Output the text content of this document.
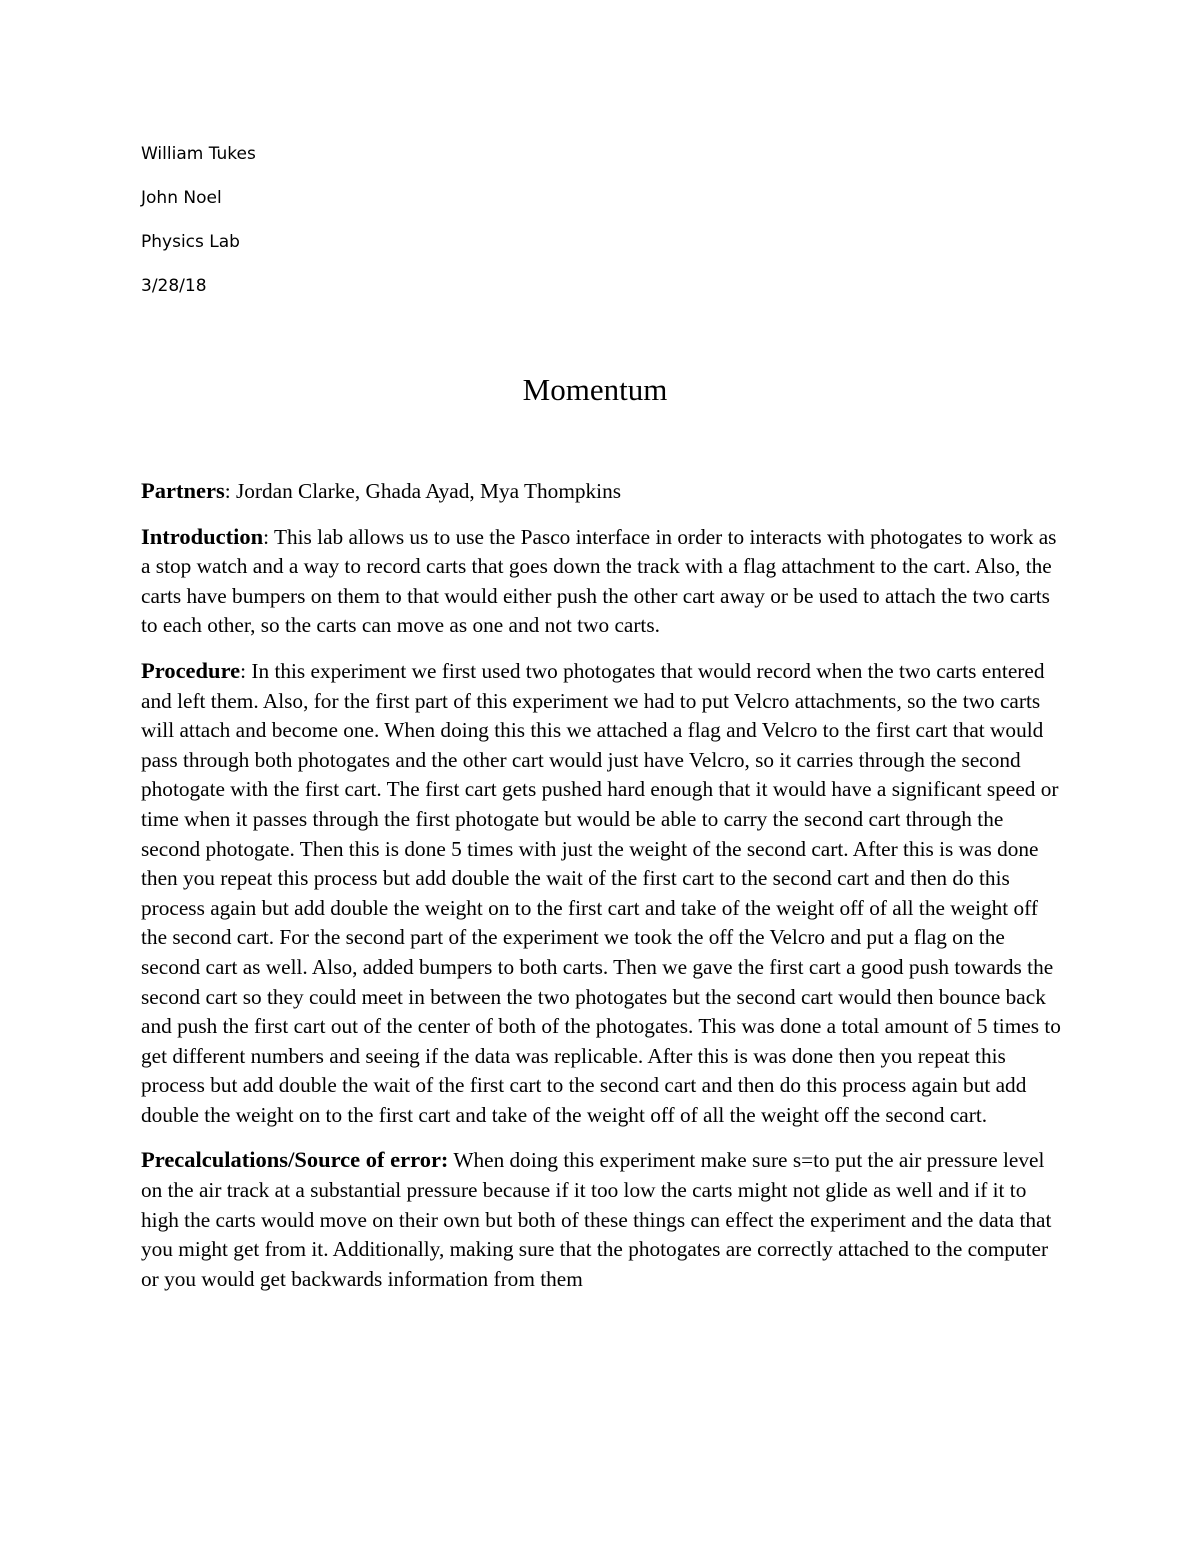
William Tukes
John Noel
Physics Lab
3/28/18
Momentum

Partners: Jordan Clarke, Ghada Ayad, Mya Thompkins

Introduction: This lab allows us to use the Pasco interface in order to interacts with photogates to work as a stop watch and a way to record carts that goes down the track with a flag attachment to the cart. Also, the carts have bumpers on them to that would either push the other cart away or be used to attach the two carts to each other, so the carts can move as one and not two carts.

Procedure: In this experiment we first used two photogates that would record when the two carts entered and left them. Also, for the first part of this experiment we had to put Velcro attachments, so the two carts will attach and become one. When doing this this we attached a flag and Velcro to the first cart that would pass through both photogates and the other cart would just have Velcro, so it carries through the second photogate with the first cart. The first cart gets pushed hard enough that it would have a significant speed or time when it passes through the first photogate but would be able to carry the second cart through the second photogate. Then this is done 5 times with just the weight of the second cart. After this is was done then you repeat this process but add double the wait of the first cart to the second cart and then do this process again but add double the weight on to the first cart and take of the weight off of all the weight off the second cart. For the second part of the experiment we took the off the Velcro and put a flag on the second cart as well. Also, added bumpers to both carts. Then we gave the first cart a good push towards the second cart so they could meet in between the two photogates but the second cart would then bounce back and push the first cart out of the center of both of the photogates. This was done a total amount of 5 times to get different numbers and seeing if the data was replicable. After this is was done then you repeat this process but add double the wait of the first cart to the second cart and then do this process again but add double the weight on to the first cart and take of the weight off of all the weight off the second cart.

Precalculations/Source of error: When doing this experiment make sure s=to put the air pressure level on the air track at a substantial pressure because if it too low the carts might not glide as well and if it to high the carts would move on their own but both of these things can effect the experiment and the data that you might get from it. Additionally, making sure that the photogates are correctly attached to the computer or you would get backwards information from them
